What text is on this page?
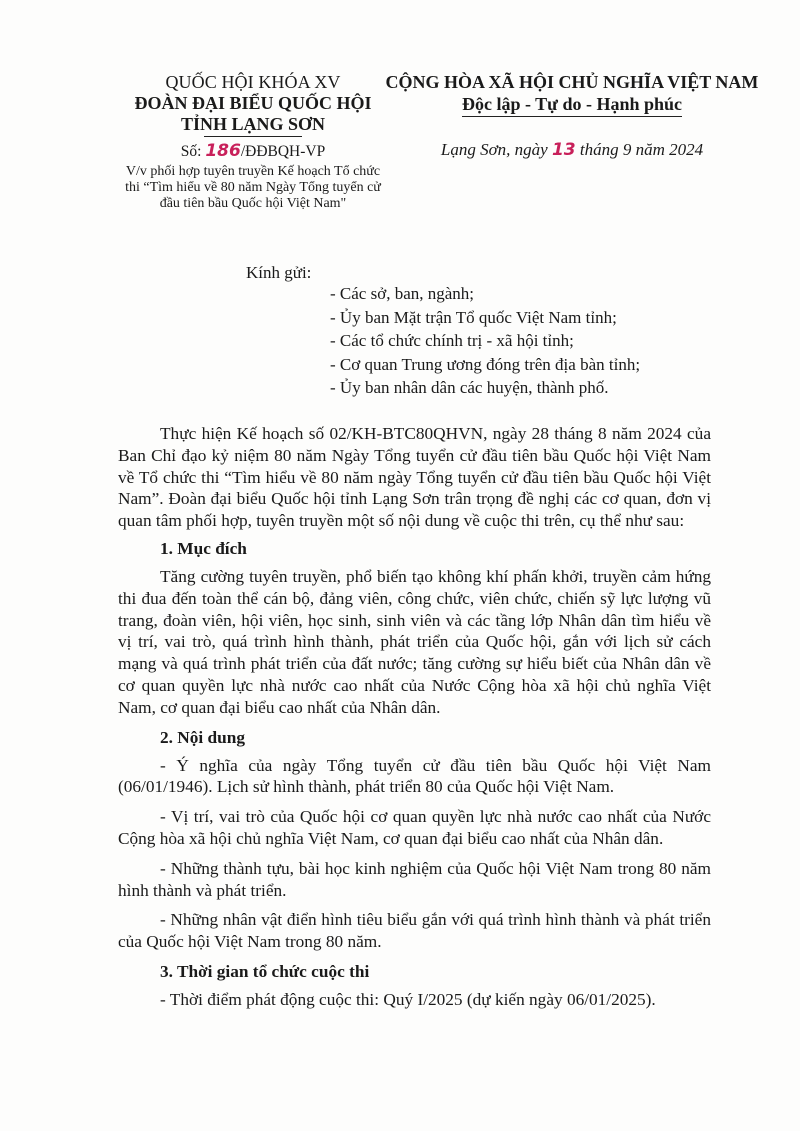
QUỐC HỘI KHÓA XV
ĐOÀN ĐẠI BIỂU QUỐC HỘI
TỈNH LẠNG SƠN
Số: 186/ĐĐBQH-VP
V/v phối hợp tuyên truyền Kế hoạch Tổ chức thi “Tìm hiểu về 80 năm Ngày Tổng tuyển cử đầu tiên bầu Quốc hội Việt Nam"
CỘNG HÒA XÃ HỘI CHỦ NGHĨA VIỆT NAM
Độc lập - Tự do - Hạnh phúc
Lạng Sơn, ngày 13 tháng 9 năm 2024
Kính gửi:
- Các sở, ban, ngành;
- Ủy ban Mặt trận Tổ quốc Việt Nam tỉnh;
- Các tổ chức chính trị - xã hội tỉnh;
- Cơ quan Trung ương đóng trên địa bàn tỉnh;
- Ủy ban nhân dân các huyện, thành phố.

Thực hiện Kế hoạch số 02/KH-BTC80QHVN, ngày 28 tháng 8 năm 2024 của Ban Chỉ đạo kỷ niệm 80 năm Ngày Tổng tuyển cử đầu tiên bầu Quốc hội Việt Nam về Tổ chức thi “Tìm hiểu về 80 năm ngày Tổng tuyển cử đầu tiên bầu Quốc hội Việt Nam”. Đoàn đại biểu Quốc hội tỉnh Lạng Sơn trân trọng đề nghị các cơ quan, đơn vị quan tâm phối hợp, tuyên truyền một số nội dung về cuộc thi trên, cụ thể như sau:

1. Mục đích

Tăng cường tuyên truyền, phổ biến tạo không khí phấn khởi, truyền cảm hứng thi đua đến toàn thể cán bộ, đảng viên, công chức, viên chức, chiến sỹ lực lượng vũ trang, đoàn viên, hội viên, học sinh, sinh viên và các tầng lớp Nhân dân tìm hiểu về vị trí, vai trò, quá trình hình thành, phát triển của Quốc hội, gắn với lịch sử cách mạng và quá trình phát triển của đất nước; tăng cường sự hiểu biết của Nhân dân về cơ quan quyền lực nhà nước cao nhất của Nước Cộng hòa xã hội chủ nghĩa Việt Nam, cơ quan đại biểu cao nhất của Nhân dân.

2. Nội dung

- Ý nghĩa của ngày Tổng tuyển cử đầu tiên bầu Quốc hội Việt Nam (06/01/1946). Lịch sử hình thành, phát triển 80 của Quốc hội Việt Nam.

- Vị trí, vai trò của Quốc hội cơ quan quyền lực nhà nước cao nhất của Nước Cộng hòa xã hội chủ nghĩa Việt Nam, cơ quan đại biểu cao nhất của Nhân dân.

- Những thành tựu, bài học kinh nghiệm của Quốc hội Việt Nam trong 80 năm hình thành và phát triển.

- Những nhân vật điển hình tiêu biểu gắn với quá trình hình thành và phát triển của Quốc hội Việt Nam trong 80 năm.

3. Thời gian tổ chức cuộc thi

- Thời điểm phát động cuộc thi: Quý I/2025 (dự kiến ngày 06/01/2025).
